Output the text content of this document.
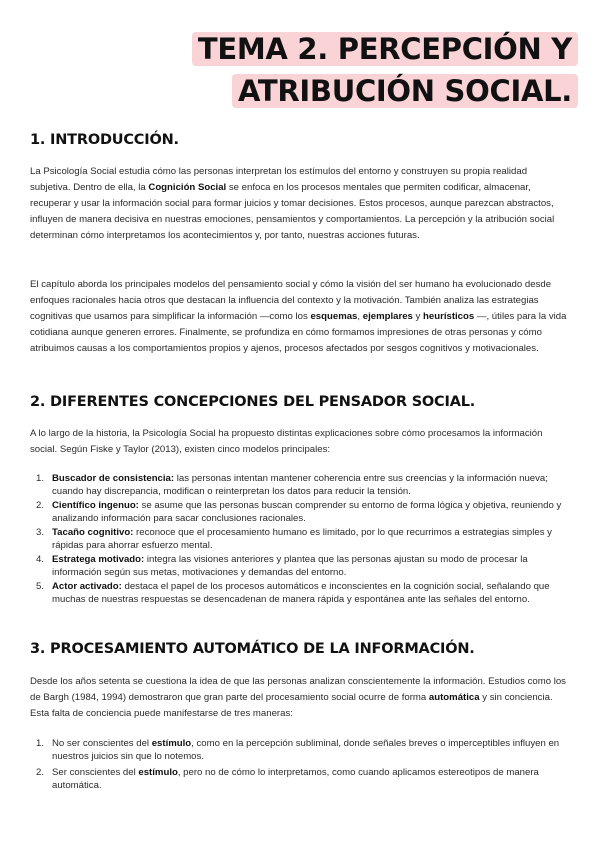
TEMA 2. PERCEPCIÓN Y
ATRIBUCIÓN SOCIAL.
1. INTRODUCCIÓN.

La Psicología Social estudia cómo las personas interpretan los estímulos del entorno y construyen su propia realidad subjetiva. Dentro de ella, la Cognición Social se enfoca en los procesos mentales que permiten codificar, almacenar, recuperar y usar la información social para formar juicios y tomar decisiones. Estos procesos, aunque parezcan abstractos, influyen de manera decisiva en nuestras emociones, pensamientos y comportamientos. La percepción y la atribución social determinan cómo interpretamos los acontecimientos y, por tanto, nuestras acciones futuras.

El capítulo aborda los principales modelos del pensamiento social y cómo la visión del ser humano ha evolucionado desde enfoques racionales hacia otros que destacan la influencia del contexto y la motivación. También analiza las estrategias cognitivas que usamos para simplificar la información —como los esquemas, ejemplares y heurísticos —, útiles para la vida cotidiana aunque generen errores. Finalmente, se profundiza en cómo formamos impresiones de otras personas y cómo atribuimos causas a los comportamientos propios y ajenos, procesos afectados por sesgos cognitivos y motivacionales.

2. DIFERENTES CONCEPCIONES DEL PENSADOR SOCIAL.

A lo largo de la historia, la Psicología Social ha propuesto distintas explicaciones sobre cómo procesamos la información social. Según Fiske y Taylor (2013), existen cinco modelos principales:

1. Buscador de consistencia: las personas intentan mantener coherencia entre sus creencias y la información nueva; cuando hay discrepancia, modifican o reinterpretan los datos para reducir la tensión.
2. Científico ingenuo: se asume que las personas buscan comprender su entorno de forma lógica y objetiva, reuniendo y analizando información para sacar conclusiones racionales.
3. Tacaño cognitivo: reconoce que el procesamiento humano es limitado, por lo que recurrimos a estrategias simples y rápidas para ahorrar esfuerzo mental.
4. Estratega motivado: integra las visiones anteriores y plantea que las personas ajustan su modo de procesar la información según sus metas, motivaciones y demandas del entorno.
5. Actor activado: destaca el papel de los procesos automáticos e inconscientes en la cognición social, señalando que muchas de nuestras respuestas se desencadenan de manera rápida y espontánea ante las señales del entorno.
3. PROCESAMIENTO AUTOMÁTICO DE LA INFORMACIÓN.

Desde los años setenta se cuestiona la idea de que las personas analizan conscientemente la información. Estudios como los de Bargh (1984, 1994) demostraron que gran parte del procesamiento social ocurre de forma automática y sin conciencia. Esta falta de conciencia puede manifestarse de tres maneras:

1. No ser conscientes del estímulo, como en la percepción subliminal, donde señales breves o imperceptibles influyen en nuestros juicios sin que lo notemos.
2. Ser conscientes del estímulo, pero no de cómo lo interpretamos, como cuando aplicamos estereotipos de manera automática.
